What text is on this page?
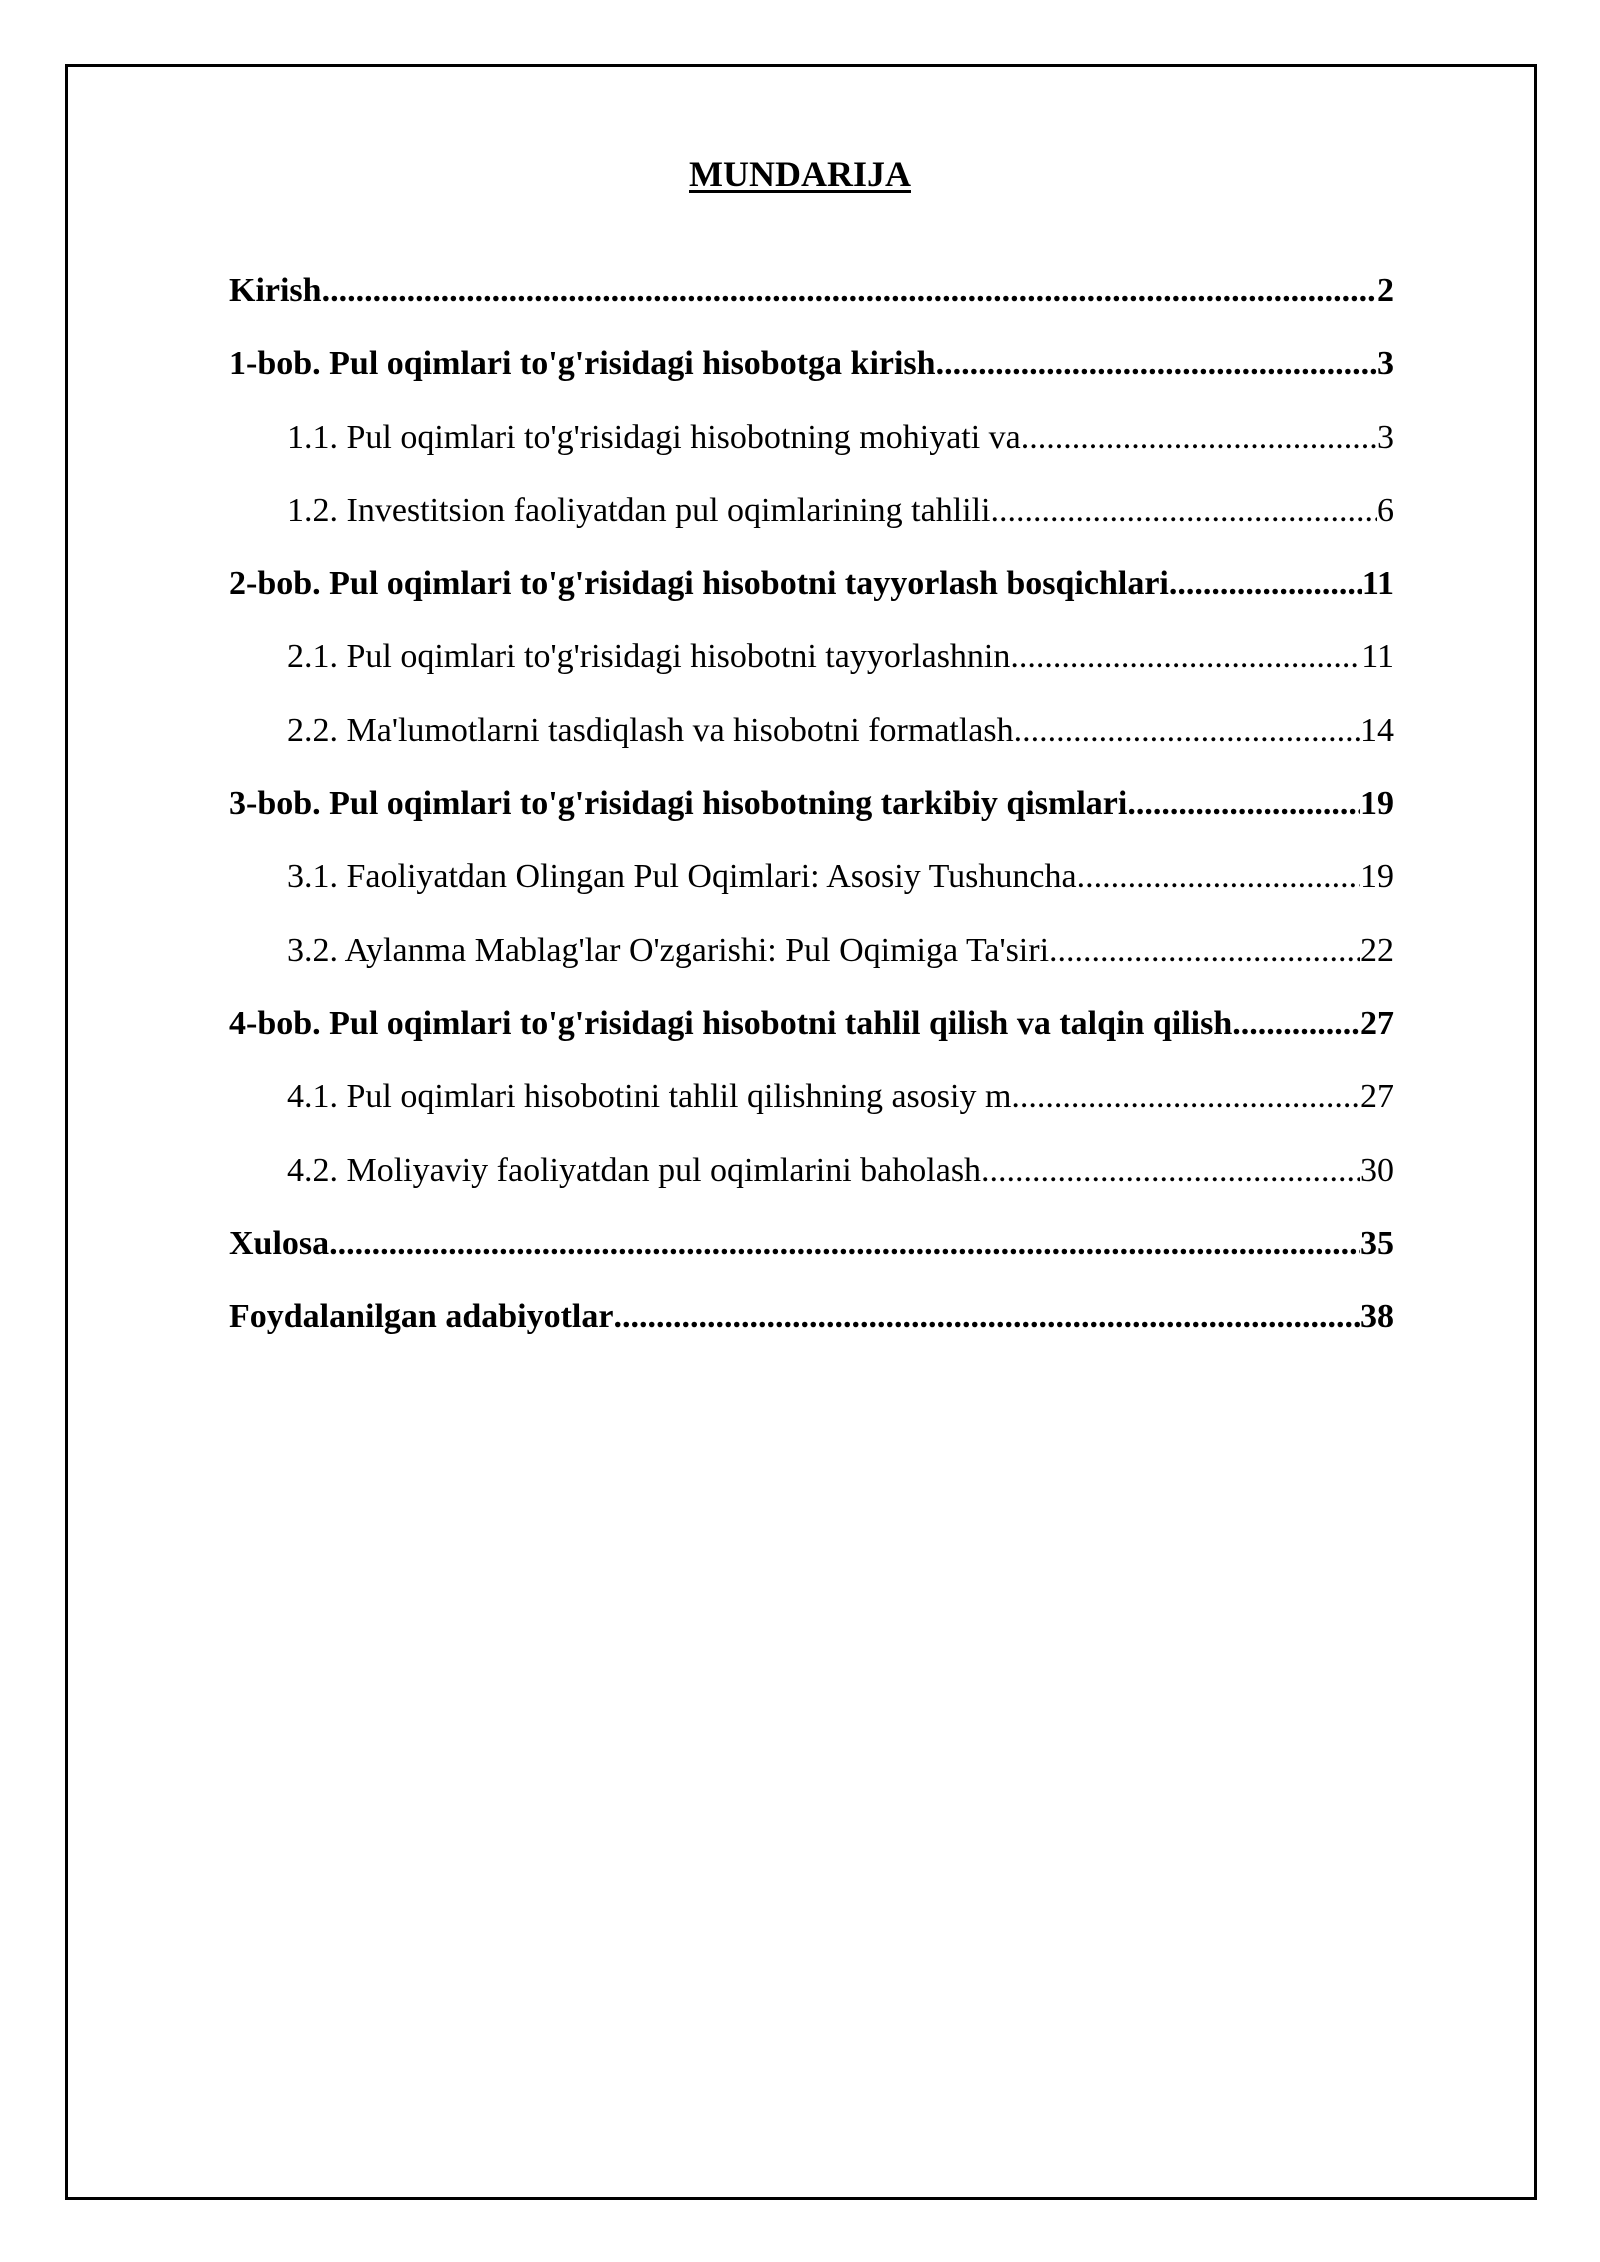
MUNDARIJA
Kirish .....	2
1-bob. Pul oqimlari to'g'risidagi hisobotga kirish .....	3
1.1. Pul oqimlari to'g'risidagi hisobotning mohiyati va .....	3
1.2. Investitsion faoliyatdan pul oqimlarining tahlili .....	6
2-bob. Pul oqimlari to'g'risidagi hisobotni tayyorlash bosqichlari .....	11
2.1. Pul oqimlari to'g'risidagi hisobotni tayyorlashnin .....	11
2.2. Ma'lumotlarni tasdiqlash va hisobotni formatlash .....	14
3-bob. Pul oqimlari to'g'risidagi hisobotning tarkibiy qismlari .....	19
3.1. Faoliyatdan Olingan Pul Oqimlari: Asosiy Tushuncha .....	19
3.2. Aylanma Mablag'lar O'zgarishi: Pul Oqimiga Ta'siri .....	22
4-bob. Pul oqimlari to'g'risidagi hisobotni tahlil qilish va talqin qilish .....	27
4.1. Pul oqimlari hisobotini tahlil qilishning asosiy m .....	27
4.2. Moliyaviy faoliyatdan pul oqimlarini baholash .....	30
Xulosa .....	35
Foydalanilgan adabiyotlar .....	38
